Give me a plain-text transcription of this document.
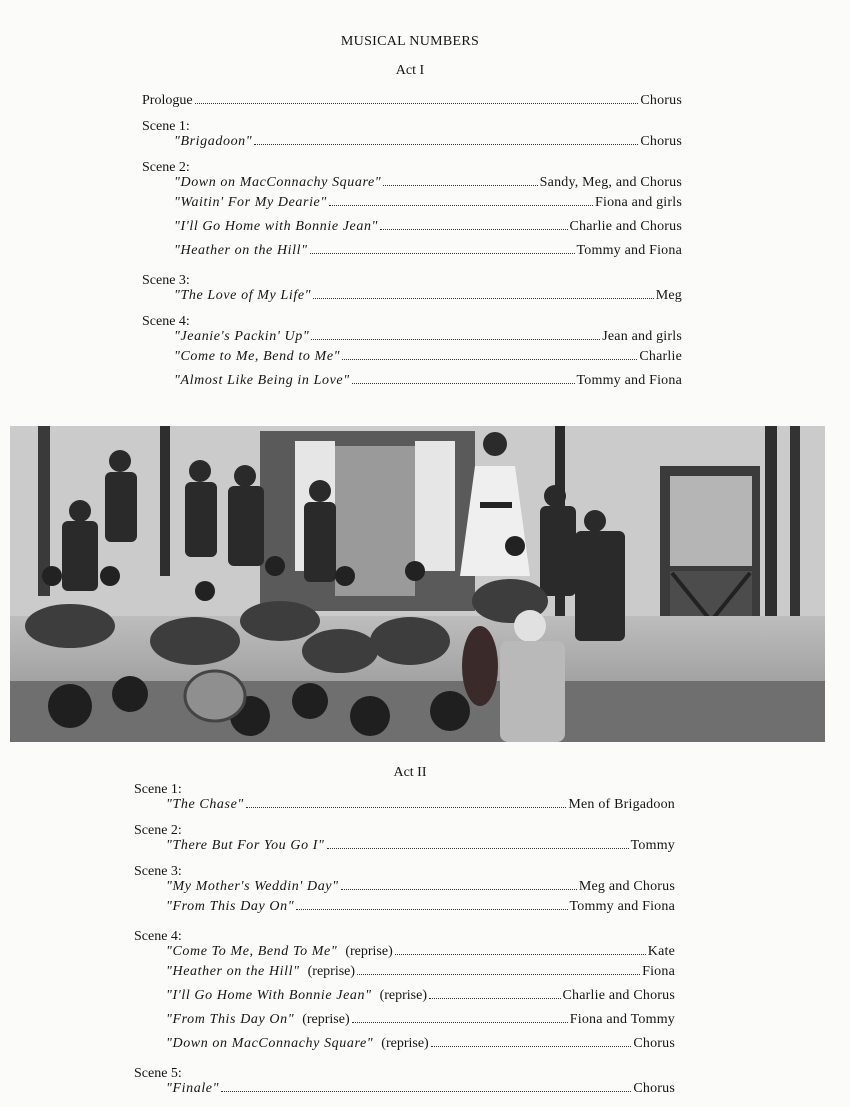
MUSICAL NUMBERS
Act I
Prologue	Chorus
Scene 1:
"Brigadoon"	Chorus
Scene 2:
"Down on MacConnachy Square"	Sandy, Meg, and Chorus
"Waitin' For My Dearie"	Fiona and girls
"I'll Go Home with Bonnie Jean"	Charlie and Chorus
"Heather on the Hill"	Tommy and Fiona
Scene 3:
"The Love of My Life"	Meg
Scene 4:
"Jeanie's Packin' Up"	Jean and girls
"Come to Me, Bend to Me"	Charlie
"Almost Like Being in Love"	Tommy and Fiona
Act II
Scene 1:
"The Chase"	Men of Brigadoon
Scene 2:
"There But For You Go I"	Tommy
Scene 3:
"My Mother's Weddin' Day"	Meg and Chorus
"From This Day On"	Tommy and Fiona
Scene 4:
"Come To Me, Bend To Me" (reprise)	Kate
"Heather on the Hill" (reprise)	Fiona
"I'll Go Home With Bonnie Jean" (reprise)	Charlie and Chorus
"From This Day On" (reprise)	Fiona and Tommy
"Down on MacConnachy Square" (reprise)	Chorus
Scene 5:
"Finale"	Chorus
